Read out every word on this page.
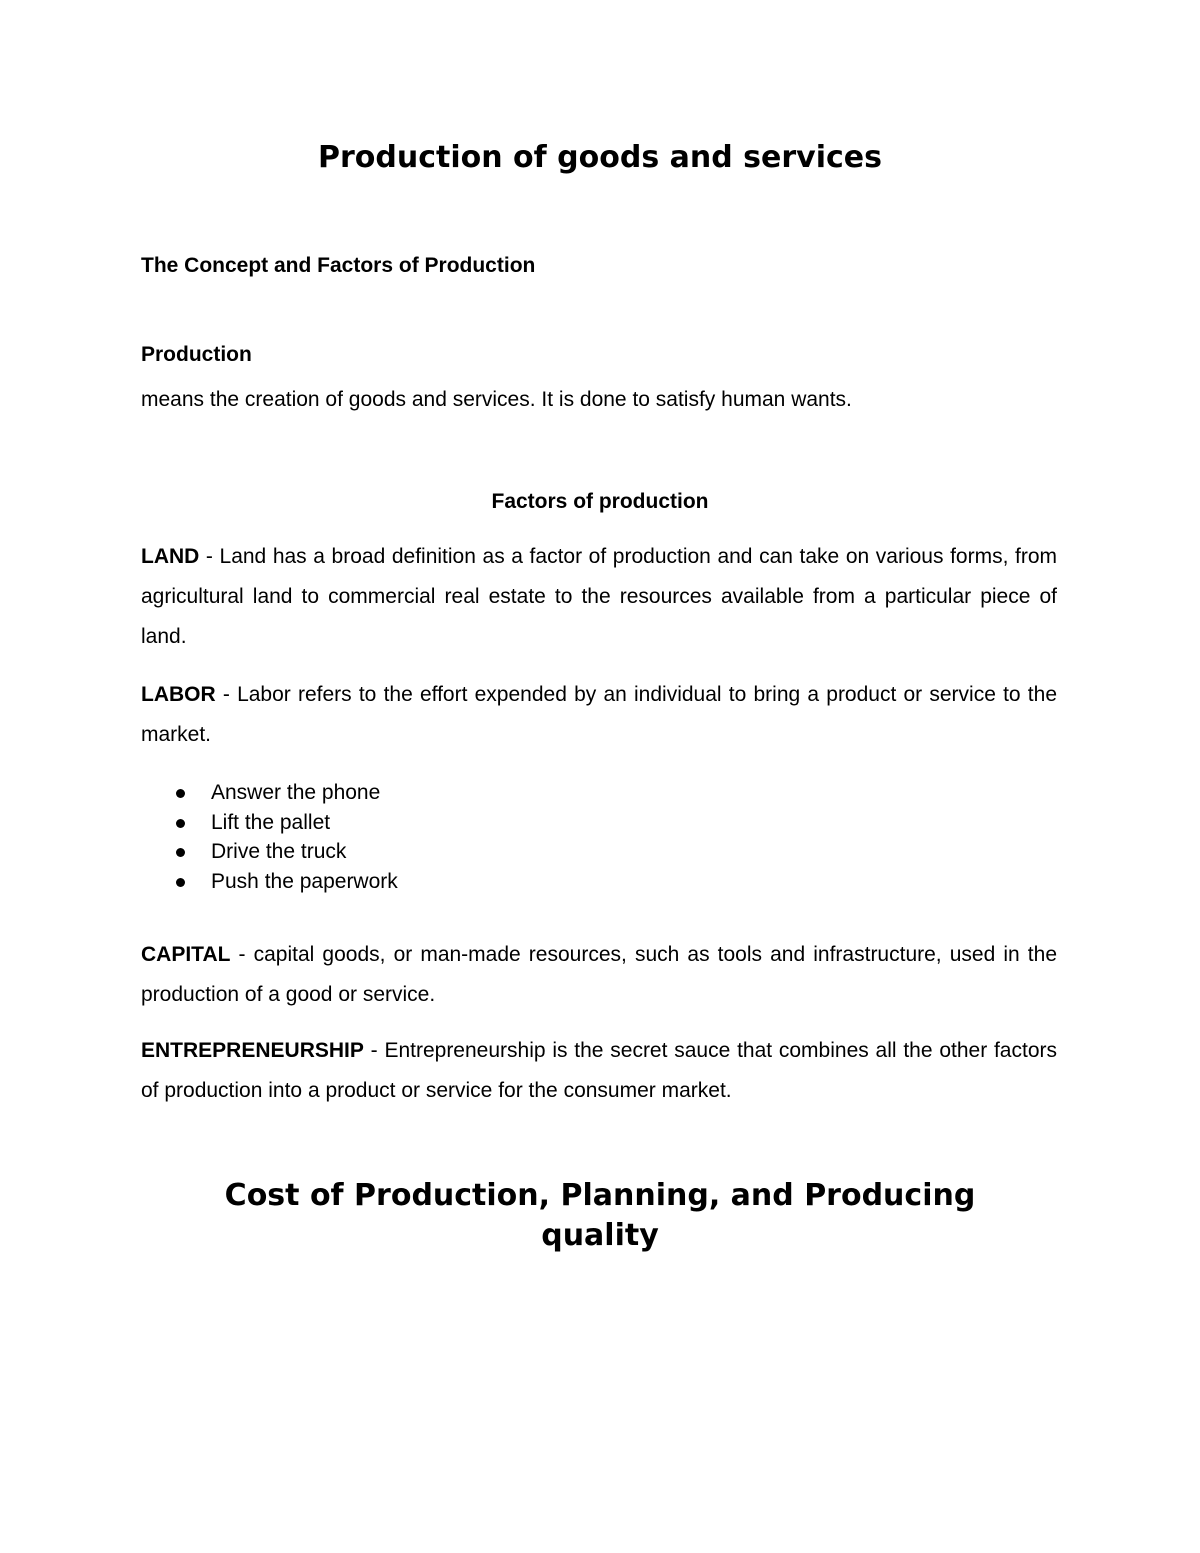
Production of goods and services
The Concept and Factors of Production
Production

means the creation of goods and services. It is done to satisfy human wants.

Factors of production

LAND - Land has a broad definition as a factor of production and can take on various forms, from agricultural land to commercial real estate to the resources available from a particular piece of land.

LABOR - Labor refers to the effort expended by an individual to bring a product or service to the market.

Answer the phone
Lift the pallet
Drive the truck
Push the paperwork

CAPITAL - capital goods, or man-made resources, such as tools and infrastructure, used in the production of a good or service.

ENTREPRENEURSHIP - Entrepreneurship is the secret sauce that combines all the other factors of production into a product or service for the consumer market.

Cost of Production, Planning, and Producing quality
